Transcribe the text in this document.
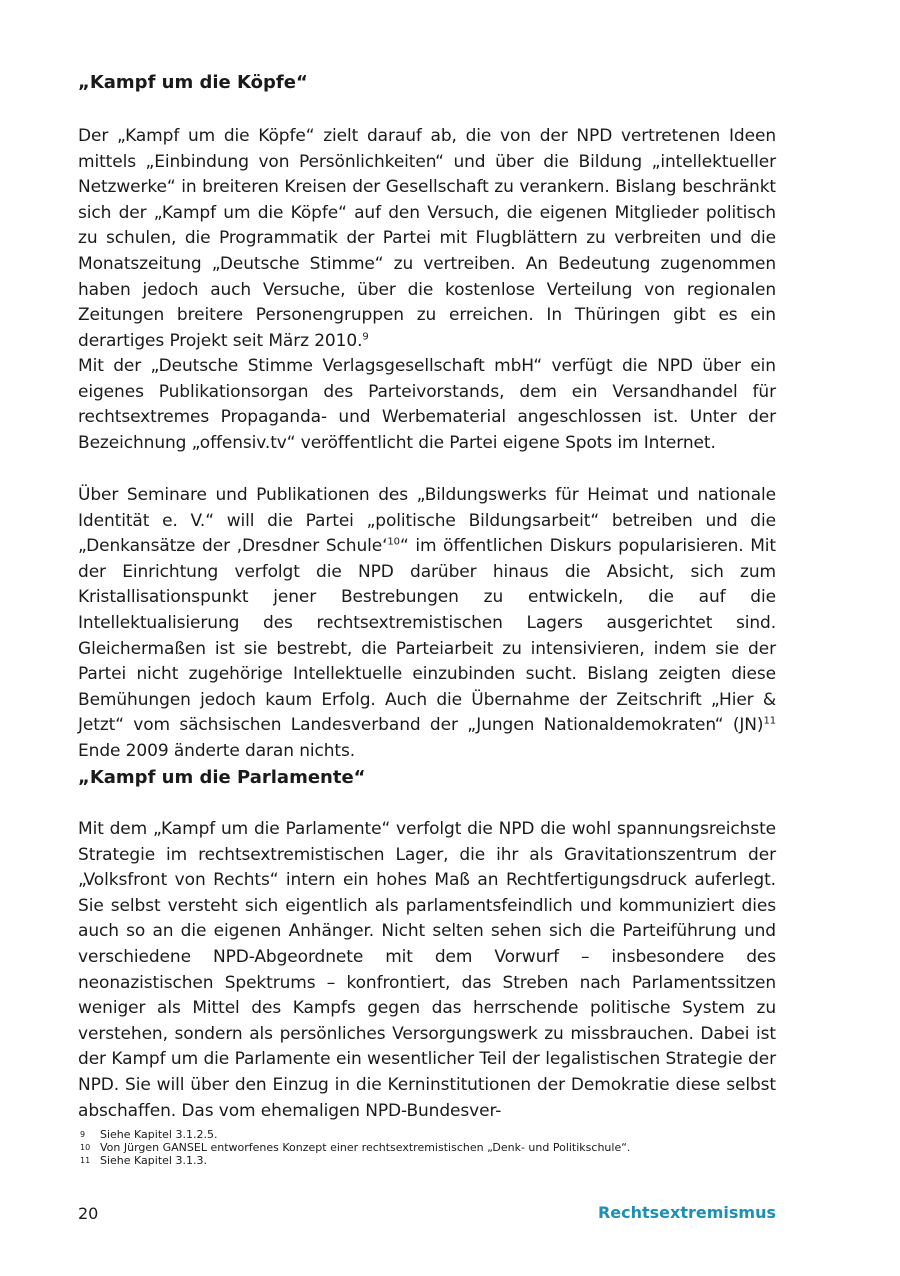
„Kampf um die Köpfe“

Der „Kampf um die Köpfe“ zielt darauf ab, die von der NPD vertretenen Ideen mittels „Einbindung von Persönlichkeiten“ und über die Bildung „intellektueller Netzwerke“ in breiteren Kreisen der Gesellschaft zu verankern. Bislang beschränkt sich der „Kampf um die Köpfe“ auf den Versuch, die eigenen Mitglieder politisch zu schulen, die Programmatik der Partei mit Flugblättern zu verbreiten und die Monatszeitung „Deutsche Stimme“ zu vertreiben. An Bedeutung zugenommen haben jedoch auch Versuche, über die kostenlose Verteilung von regionalen Zeitungen breitere Personengruppen zu erreichen. In Thüringen gibt es ein derartiges Projekt seit März 2010.$^9$

Mit der „Deutsche Stimme Verlagsgesellschaft mbH“ verfügt die NPD über ein eigenes Publikationsorgan des Parteivorstands, dem ein Versandhandel für rechtsextremes Propaganda- und Werbematerial angeschlossen ist. Unter der Bezeichnung „offensiv.tv“ veröffentlicht die Partei eigene Spots im Internet.

Über Seminare und Publikationen des „Bildungswerks für Heimat und nationale Identität e. V.“ will die Partei „politische Bildungsarbeit“ betreiben und die „Denkansätze der ‚Dresdner Schule‘$^{10}$“ im öffentlichen Diskurs popularisieren. Mit der Einrichtung verfolgt die NPD darüber hinaus die Absicht, sich zum Kristallisationspunkt jener Bestrebungen zu entwickeln, die auf die Intellektualisierung des rechtsextremistischen Lagers ausgerichtet sind. Gleichermaßen ist sie bestrebt, die Parteiarbeit zu intensivieren, indem sie der Partei nicht zugehörige Intellektuelle einzubinden sucht. Bislang zeigten diese Bemühungen jedoch kaum Erfolg. Auch die Übernahme der Zeitschrift „Hier & Jetzt“ vom sächsischen Landesverband der „Jungen Nationaldemokraten“ (JN)$^{11}$ Ende 2009 änderte daran nichts.

„Kampf um die Parlamente“

Mit dem „Kampf um die Parlamente“ verfolgt die NPD die wohl spannungsreichste Strategie im rechtsextremistischen Lager, die ihr als Gravitationszentrum der „Volksfront von Rechts“ intern ein hohes Maß an Rechtfertigungsdruck auferlegt. Sie selbst versteht sich eigentlich als parlamentsfeindlich und kommuniziert dies auch so an die eigenen Anhänger. Nicht selten sehen sich die Parteiführung und verschiedene NPD-Abgeordnete mit dem Vorwurf – insbesondere des neonazistischen Spektrums – konfrontiert, das Streben nach Parlamentssitzen weniger als Mittel des Kampfs gegen das herrschende politische System zu verstehen, sondern als persönliches Versorgungswerk zu missbrauchen. Dabei ist der Kampf um die Parlamente ein wesentlicher Teil der legalistischen Strategie der NPD. Sie will über den Einzug in die Kerninstitutionen der Demokratie diese selbst abschaffen. Das vom ehemaligen NPD-Bundesver-

9	Siehe Kapitel 3.1.2.5.
10 Von Jürgen GANSEL entworfenes Konzept einer rechtsextremistischen „Denk- und Politikschule“.
11 Siehe Kapitel 3.1.3.
20	Rechtsextremismus
